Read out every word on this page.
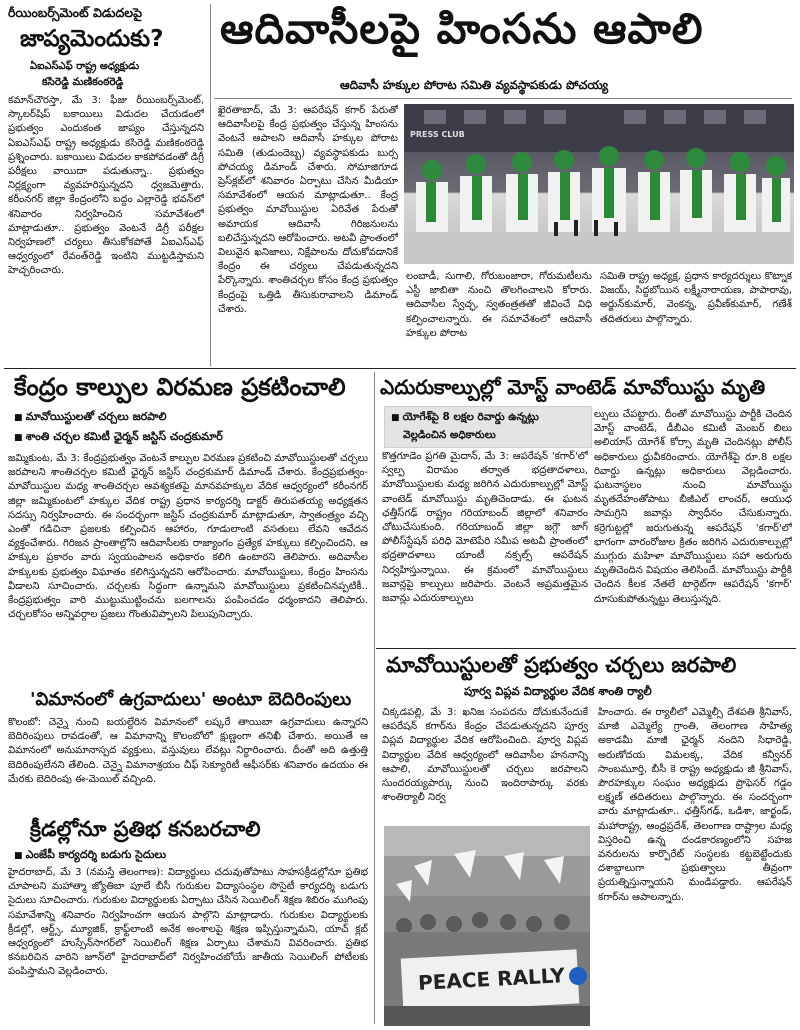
రీయింబర్స్‌మెంట్ విడుదలపై
జాప్యమెందుకు?
ఏఐఎస్ఎఫ్ రాష్ట్ర అధ్యక్షుడు
కసిరెడ్డి మణికంఠరెడ్డి
కమాన్‌చౌరస్తా, మే 3: ఫీజు రీయింబర్స్‌మెంట్, స్కాలర్‌షిప్ బకాయిలు విడుదల చేయడంలో ప్రభుత్వం ఎందుకంత జాప్యం చేస్తున్నదని ఏఐఎస్ఎఫ్ రాష్ట్ర అధ్యక్షుడు కసిరెడ్డి మణికంఠరెడ్డి ప్రశ్నించారు. బకాయిలు విడుదల కాకపోవడంతో డిగ్రీ పరీక్షలు వాయిదా పడుతున్నా.. ప్రభుత్వం నిర్లక్ష్యంగా వ్యవహరిస్తున్నదని ధ్వజమెత్తారు. కరీంనగర్ జిల్లా కేంద్రంలోని బద్దం ఎల్లారెడ్డి భవన్‌లో శనివారం నిర్వహించిన సమావేశంలో మాట్లాడుతూ.. ప్రభుత్వం వెంటనే డిగ్రీ పరీక్షల నిర్వహణలో చర్యలు తీసుకోకపోతే ఏఐఎస్ఎఫ్ ఆధ్వర్యంలో రేవంత్‌రెడ్డి ఇంటిని ముట్టడిస్తామని హెచ్చరించారు.
ఆదివాసీలపై హింసను ఆపాలి
ఆదివాసీ హక్కుల పోరాట సమితి వ్యవస్థాపకుడు పోచయ్య
ఖైరతాబాద్, మే 3: ఆపరేషన్ కగార్ పేరుతో ఆదివాసీలపై కేంద్ర ప్రభుత్వం చేస్తున్న హింసను వెంటనే ఆపాలని ఆదివాసీ హక్కుల పోరాట సమితి (తుడుందెబ్బ) వ్యవస్థాపకుడు బుర్స పోచయ్య డిమాండ్ చేశారు. సోమాజిగూడ ప్రెస్‌క్లబ్‌లో శనివారం ఏర్పాటు చేసిన మీడియా సమావేశంలో ఆయన మాట్లాడుతూ.. కేంద్ర ప్రభుత్వం మావోయిస్టుల ఏరివేత పేరుతో అమాయక ఆదివాసీ గిరిజనులను బలిచేస్తున్నదని ఆరోపించారు. అటవీ ప్రాంతంలో విలువైన ఖనిజాలు, నిక్షేపాలను దోచుకోవడానికే కేంద్రం ఈ చర్యలు చేపడుతున్నదని పేర్కొన్నారు. శాంతిచర్చల కోసం కేంద్ర ప్రభుత్వం కేంద్రంపై ఒత్తిడి తీసుకురావాలని డిమాండ్ చేశారు.
PRESS CLUB
లంబాడీ, సుగాలి, గోరుబంజారా, గోరుమటీలను ఎస్టీ జాబితా నుంచి తొలగించాలని కోరారు. ఆదివాసీల స్వేచ్ఛ, స్వతంత్రతతో జీవించే విధి కల్పించాలన్నారు. ఈ సమావేశంలో ఆదివాసీ హక్కుల పోరాట
సమితి రాష్ట్ర అధ్యక్ష, ప్రధాన కార్యదర్శులు కొట్నాక విజయ్, సిద్దబోయిన లక్ష్మీనారాయణ, పాపారావు, అర్జున్‌కుమార్, వెంకన్న, ప్రవీణ్‌కుమార్, గణేశ్ తదితరులు పాల్గొన్నారు.
కేంద్రం కాల్పుల విరమణ ప్రకటించాలి
■ మావోయిస్టులతో చర్చలు జరపాలి
■ శాంతి చర్చల కమిటీ ఛైర్మన్ జస్టిస్ చంద్రకుమార్
జమ్మికుంట, మే 3: కేంద్రప్రభుత్వం వెంటనే కాల్పుల విరమణ ప్రకటించి మావోయిస్టులతో చర్చలు జరపాలని శాంతిచర్చల కమిటీ ఛైర్మన్ జస్టిస్ చంద్రకుమార్ డిమాండ్ చేశారు. కేంద్రప్రభుత్వం-మావోయిస్టుల మధ్య శాంతిచర్చల ఆవశ్యకతపై మానవహక్కుల వేదిక ఆధ్వర్యంలో కరీంనగర్ జిల్లా జమ్మికుంటలో హక్కుల వేదిక రాష్ట్ర ప్రధాన కార్యదర్శి డాక్టర్ తిరుపతయ్య అధ్యక్షతన సదస్సు నిర్వహించారు. ఈ సందర్భంగా జస్టిస్ చంద్రకుమార్ మాట్లాడుతూ, స్వాతంత్ర్యం వచ్చి ఎంతో గడిచినా ప్రజలకు కల్పించిన ఆహారం, గూడులాంటి వసతులు లేవని ఆవేదన వ్యక్తంచేశారు. గిరిజన ప్రాంతాల్లోని ఆదివాసీలకు రాజ్యాంగం ప్రత్యేక హక్కులు కల్పించిందని, ఆ హక్కుల ప్రకారం వారు స్వయంపాలన అధికారం కలిగి ఉంటారని తెలిపారు. అదివాసీల హక్కులకు ప్రభుత్వం విఘాతం కలిగిస్తున్నదని ఆరోపించారు. మావోయిస్టులు, కేంద్రం హింసను వీడాలని సూచించారు. చర్చలకు సిద్ధంగా ఉన్నామని మావోయిస్టులు ప్రకటించినప్పటికీ.. కేంద్రప్రభుత్వం వారి ముట్టుముట్టించను బలగాలను పంపించడం ధర్మంకాదని తెలిపారు. చర్చలకోసం అన్నివర్గాల ప్రజలు గొంతువిప్పాలని పిలుపునిచ్చారు.
'విమానంలో ఉగ్రవాదులు' అంటూ బెదిరింపులు
కొలంబో: చెన్నై నుంచి బయల్దేరిన విమానంలో లష్కరే తాయిబా ఉగ్రవాదులు ఉన్నారని బెదిరింపులు రావడంతో, ఆ విమానాన్ని కొలంబోలో క్షుణ్ణంగా తనిఖీ చేశారు. అయితే ఆ విమానంలో అనుమానాస్పద వ్యక్తులు, వస్తువులు లేవట్లు నిర్ధారించారు. దీంతో అది ఉత్తుత్తి బెదిరింపులేనని తేలింది. చెన్నై విమానాశ్రయం చీఫ్ సెక్యూరిటీ ఆఫీసర్‌కు శనివారం ఉదయం ఈ మేరకు బెదిరింపు ఈ-మెయిల్ వచ్చింది.
క్రీడల్లోనూ ప్రతిభ కనబరచాలి
■ ఎంజేపీ కార్యదర్శి బడుగు సైదులు
హైదరాబాద్, మే 3 (నమస్తే తెలంగాణ): విద్యార్థులు చదువుతోపాటు సాహసక్రీడల్లోనూ ప్రతిభ చూపాలని మహాత్మా జ్యోతిబా పూలే బీసీ గురుకుల విద్యాసంస్థల సొసైటీ కార్యదర్శి బడుగు సైదులు సూచించారు. గురుకుల విద్యార్థులకు ఏర్పాటు చేసిన సెయిలింగ్ శిక్షణ శిబిరం ముగింపు సమావేశాన్ని శనివారం నిర్వహించగా ఆయన పాల్గొని మాట్లాడారు. గురుకుల విద్యార్థులకు క్రీడల్లో, ఆర్ట్స్, మ్యూజిక్, క్రాఫ్ట్‌లాంటి అనేక అంశాలపై శిక్షణ ఇప్పిస్తున్నామని, యాచ్ క్లబ్ ఆధ్వర్యంలో హుస్సేన్‌సాగర్‌లో సెయిలింగ్ శిక్షణ ఏర్పాటు చేశామని వివరించారు. ప్రతిభ కనబరిచిన వారిని జూన్‌లో హైదరాబాద్‌లో నిర్వహించబోయే జాతీయ సెయిలింగ్ పోటీలకు పంపిస్తామని వెల్లడించారు.
ఎదురుకాల్పుల్లో మోస్ట్ వాంటెడ్ మావోయిస్టు మృతి
■ యోగేశ్‌పై 8 లక్షల రివార్డు ఉన్నట్లు
వెల్లడించిన అధికారులు
కొత్తగూడెం ప్రగతి మైదాన్, మే 3: ఆపరేషన్ 'కగార్'లో స్వల్ప విరామం తర్వాత భద్రతాదళాలు, మావోయిస్టులకు మధ్య జరిగిన ఎదురుకాల్పుల్లో మోస్ట్ వాంటెడ్ మావోయిస్టు మృతిచెందాడు. ఈ ఘటన ఛత్తీస్‌గఢ్ రాష్ట్రం గరియాబంద్ జిల్లాలో శనివారం చోటుచేసుకుంది. గరియాబంద్ జిల్లా జగ్గౌ జాగ్ పోలీస్‌స్టేషన్ పరిధి మోటెపేరి సమీప అటవీ ప్రాంతంలో భద్రతాదళాలు యాంటీ నక్సల్స్ ఆపరేషన్ నిర్వహిస్తున్నాయి. ఈ క్రమంలో మావోయిస్టులు జవాన్లపై కాల్పులు జరిపారు. వెంటనే అప్రమత్తమైన జవాన్లు ఎదురుకాల్పులు
ల్పులు చేపట్టారు. దీంతో మావోయిస్టు పార్టీకి చెందిన మోస్ట్ వాంటెడ్, డీబీఎం కమిటీ మెంబర్ బిలు అలియాస్ యోగేశ్ కోర్సా మృతి చెందినట్లు పోలీస్ అధికారులు ధ్రువీకరించారు. యోగేశ్‌పై రూ.8 లక్షల రివార్డు ఉన్నట్లు అధికారులు వెల్లడించారు. ఘటనాస్థలం నుంచి మావోయిస్టు మృతదేహంతోపాటు బీజీఎల్ లాంచర్, ఆయుధ సామగ్రిని జవాన్లు స్వాధీనం చేసుకున్నారు. కర్రెగుట్టల్లో జరుగుతున్న ఆపరేషన్ 'కగార్'లో భాగంగా వారంరోజుల క్రితం జరిగిన ఎదురుకాల్పుల్లో ముగ్గురు మహిళా మావోయిస్టులు సహా అరుగురు మృతిచెందిన విషయం తెలిసిందే. మావోయిస్టు పార్టీకి చెందిన కీలక నేతలే టార్గెట్‌గా ఆపరేషన్ 'కగార్' దూసుకుపోతున్నట్టు తెలుస్తున్నది.
మావోయిస్టులతో ప్రభుత్వం చర్చలు జరపాలి
పూర్వ విప్లవ విద్యార్థుల వేదిక శాంతి ర్యాలీ
చిక్కడపల్లి, మే 3: ఖనిజ సంపదను దోచుకునేందుకే ఆపరేషన్ కగార్‌ను కేంద్రం చేపడుతున్నదని పూర్వ విప్లవ విద్యార్థుల వేదిక ఆరోపించింది. పూర్వ విప్లవ విద్యార్థుల వేదిక ఆధ్వర్యంలో ఆదివాసీల హననాన్ని ఆపాలి, మావోయిస్టులతో చర్చలు జరపాలని సుందరయ్యపార్కు నుంచి ఇందిరాపార్కు వరకు శాంతిర్యాలీ నిర్వ
హించారు. ఈ ర్యాలీలో ఎమ్మెల్సీ దేశపతి శ్రీనివాస్, మాజీ ఎమ్మెల్యే గ్రాంతి, తెలంగాణ సాహిత్య అకాడమీ మాజీ ఛైర్మన్ నందిని సిధారెడ్డి, అరుణోదయ విమలక్క, వేదిక కన్వీనర్ సాంబమూర్తి, బీసీ కె రాష్ట్ర అధ్యక్షుడు జీ శ్రీనివాస్, పౌరహక్కుల సంఘం అధ్యక్షుడు ప్రొఫెసర్ గడ్డం లక్ష్మణ్ తదితరులు పాల్గొన్నారు. ఈ సందర్భంగా వారు మాట్లాడుతూ.. ఛత్తీస్‌గఢ్, ఒడిశా, జార్ఖండ్, మహారాష్ట్ర, ఆంధ్రప్రదేశ్, తెలంగాణ రాష్ట్రాల మధ్య విస్తరించి ఉన్న దండకారణ్యంలోని సహజ వనరులను కార్పొరేట్ సంస్థలకు కట్టబెట్టేందుకు దశాబ్దాలుగా ప్రభుత్వాలు తీవ్రంగా ప్రయత్నిస్తున్నాయని మండిపడ్డారు. ఆపరేషన్ కగార్‌ను ఆపాలన్నారు.
PEACE RALLY
